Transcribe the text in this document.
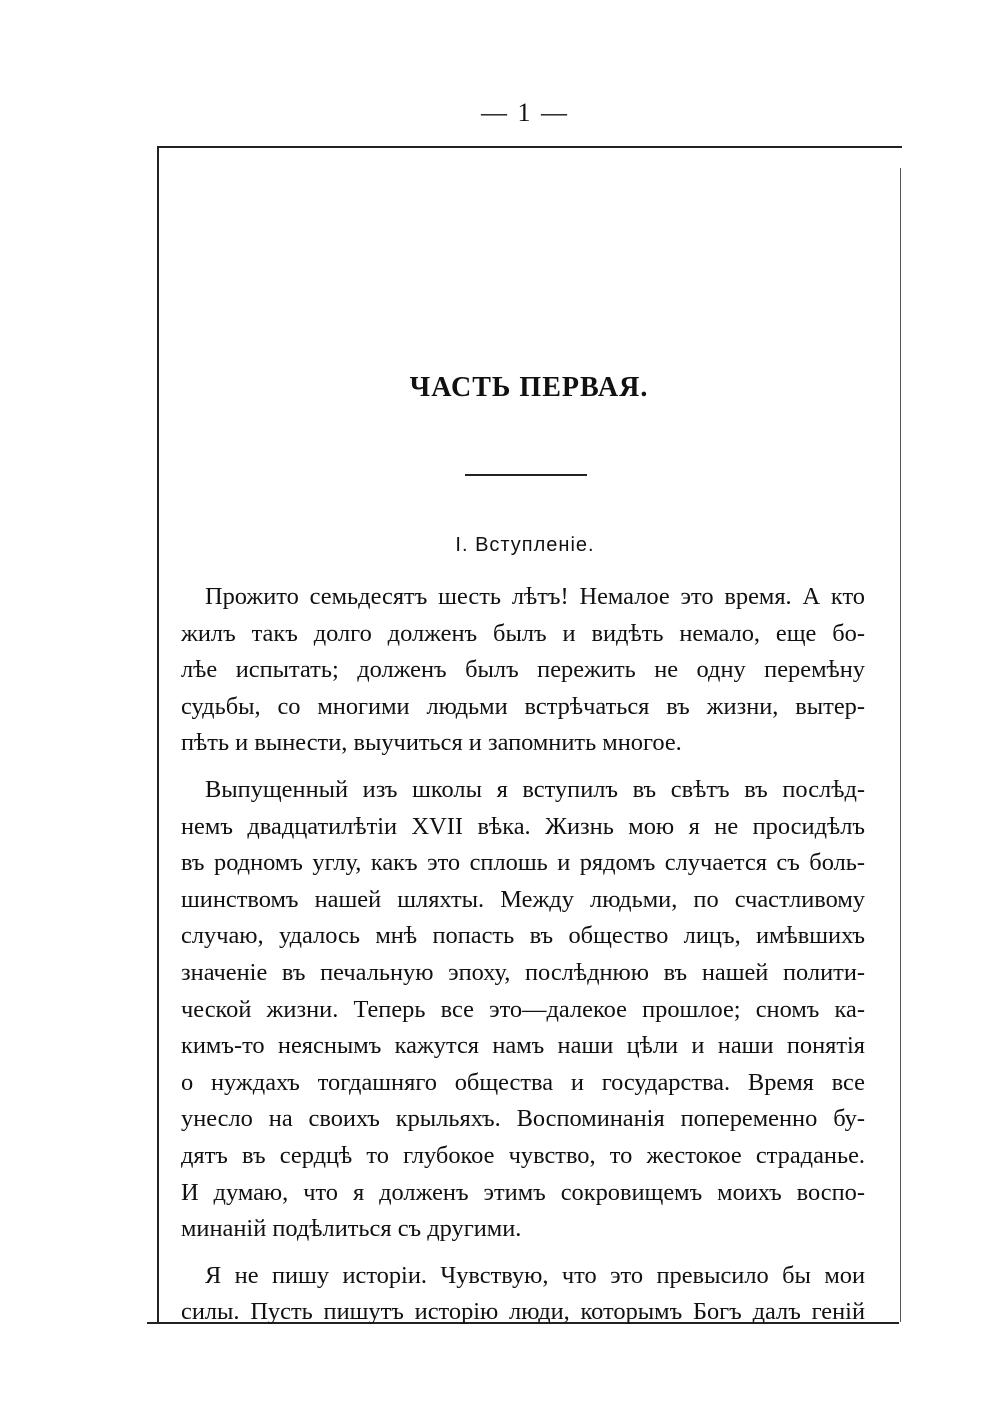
— 1 —
ЧАСТЬ ПЕРВАЯ.
I. Вступленіе.
Прожито семьдесятъ шесть лѣтъ! Немалое это время. А кто
жилъ такъ долго долженъ былъ и видѣть немало, еще бо-
лѣе испытать; долженъ былъ пережить не одну перемѣну
судьбы, со многими людьми встрѣчаться въ жизни, вытер-
пѣть и вынести, выучиться и запомнить многое.
Выпущенный изъ школы я вступилъ въ свѣтъ въ послѣд-
немъ двадцатилѣтіи XVII вѣка. Жизнь мою я не просидѣлъ
въ родномъ углу, какъ это сплошь и рядомъ случается съ боль-
шинствомъ нашей шляхты. Между людьми, по счастливому
случаю, удалось мнѣ попасть въ общество лицъ, имѣвшихъ
значеніе въ печальную эпоху, послѣднюю въ нашей полити-
ческой жизни. Теперь все это—далекое прошлое; сномъ ка-
кимъ-то неяснымъ кажутся намъ наши цѣли и наши понятія
о нуждахъ тогдашняго общества и государства. Время все
унесло на своихъ крыльяхъ. Воспоминанія попеременно бу-
дятъ въ сердцѣ то глубокое чувство, то жестокое страданье.
И думаю, что я долженъ этимъ сокровищемъ моихъ воспо-
минаній подѣлиться съ другими.
Я не пишу исторіи. Чувствую, что это превысило бы мои
силы. Пусть пишутъ исторію люди, которымъ Богъ далъ геній
